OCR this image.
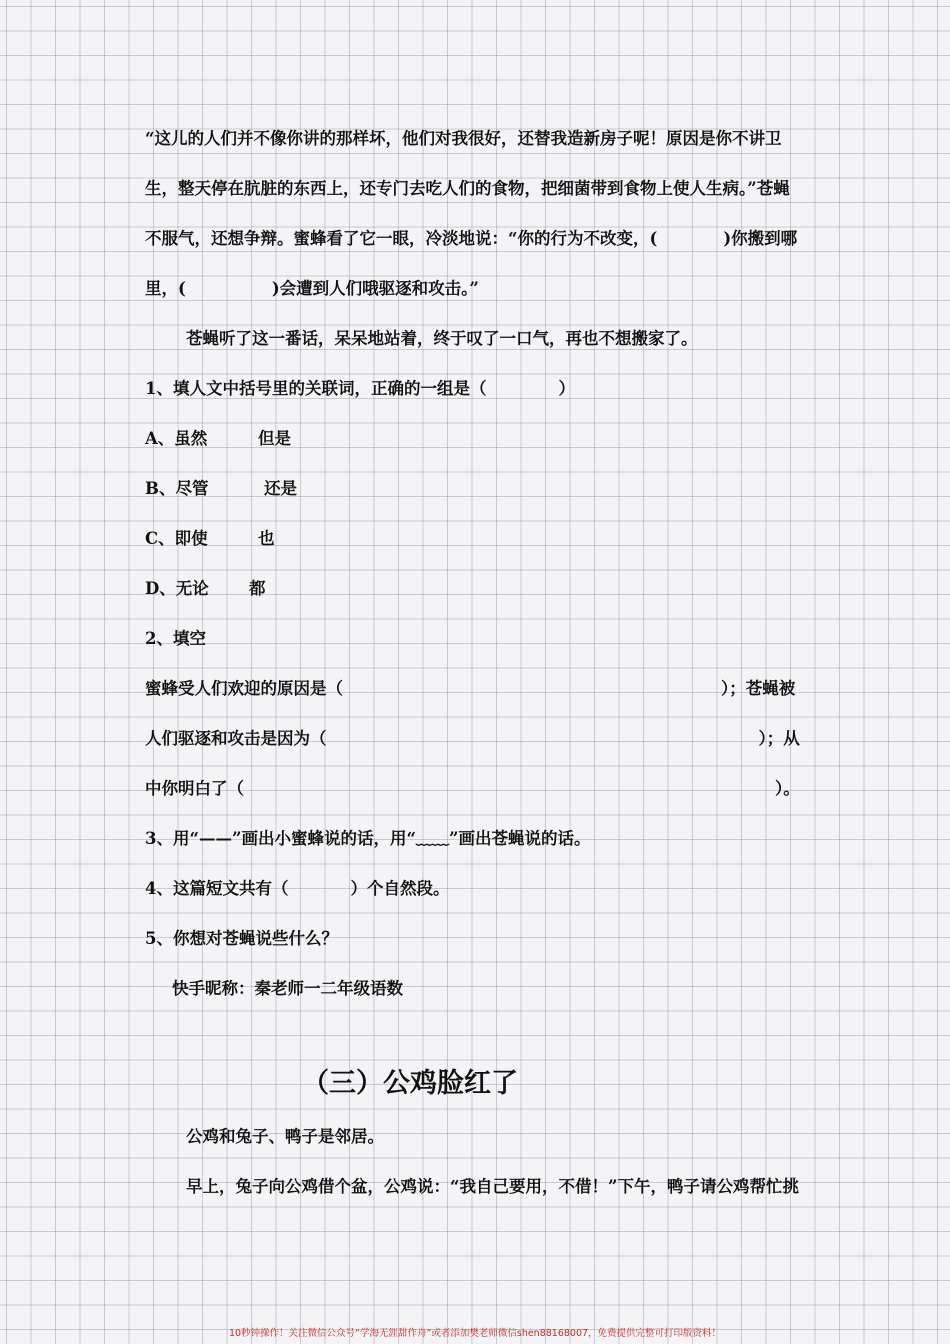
“这儿的人们并不像你讲的那样坏，他们对我很好，还替我造新房子呢！原因是你不讲卫
生，整天停在肮脏的东西上，还专门去吃人们的食物，把细菌带到食物上使人生病。”苍蝇
不服气，还想争辩。蜜蜂看了它一眼，冷淡地说：“你的行为不改变，(	)你搬到哪
里，(	)会遭到人们哦驱逐和攻击。”
苍蝇听了这一番话，呆呆地站着，终于叹了一口气，再也不想搬家了。
1、填人文中括号里的关联词，正确的一组是（	）
A、虽然	但是
B、尽管	还是
C、即使	也
D、无论 都
2、填空
蜜蜂受人们欢迎的原因是（	）；苍蝇被
人们驱逐和攻击是因为（	）；从
中你明白了（	）。
3、用“——”画出小蜜蜂说的话，用“﹏﹏”画出苍蝇说的话。
4、这篇短文共有（	）个自然段。
5、你想对苍蝇说些什么？
快手昵称：秦老师一二年级语数
（三）公鸡脸红了
公鸡和兔子、鸭子是邻居。
早上，兔子向公鸡借个盆，公鸡说：“我自己要用，不借！”下午，鸭子请公鸡帮忙挑
10秒钟操作！关注微信公众号“学海无涯甜作舟”或者添加樊老师微信shen88168007，免费提供完整可打印版资料！
